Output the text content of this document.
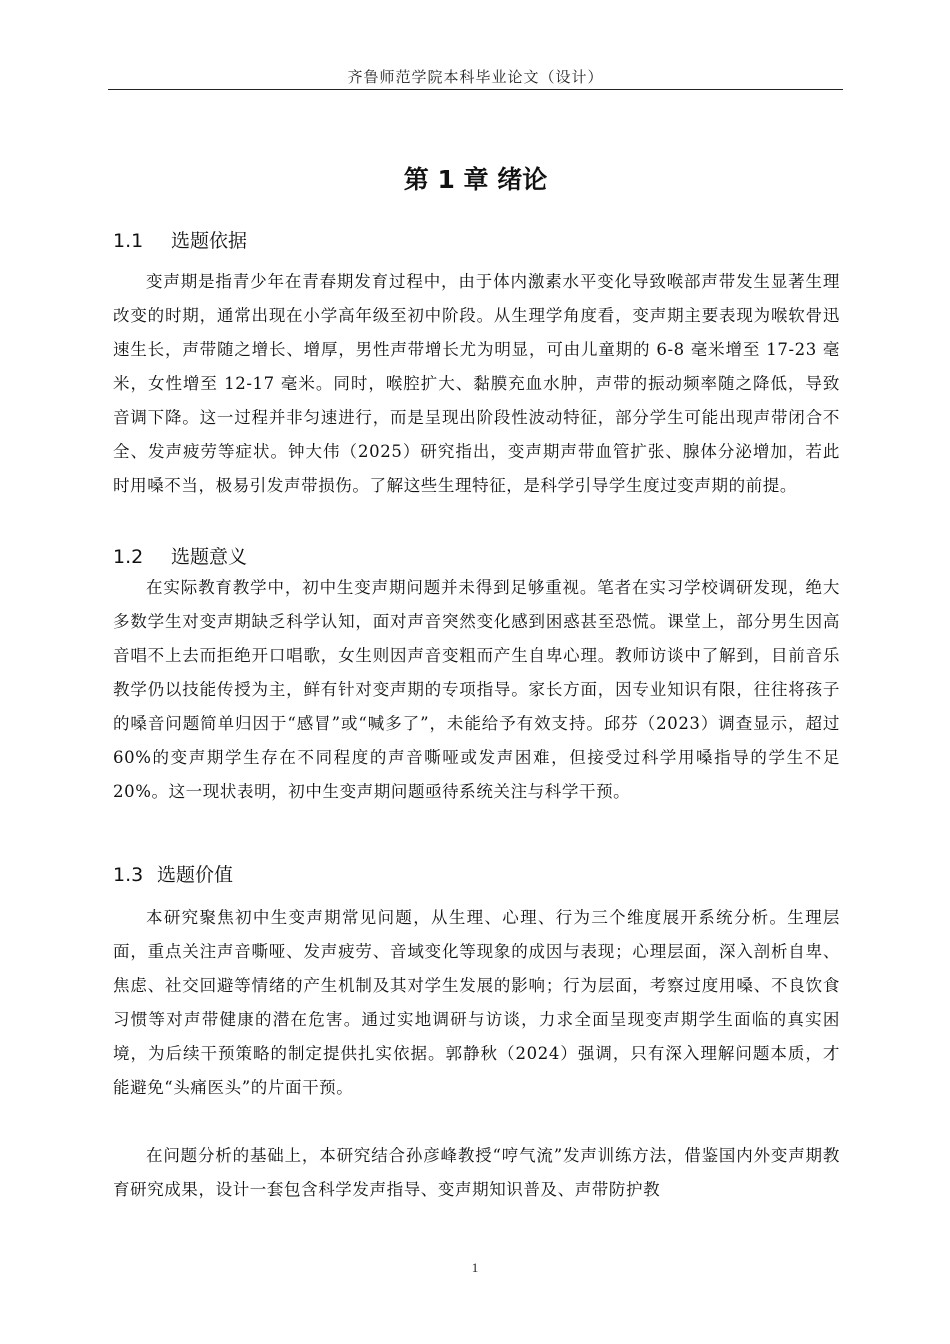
齐鲁师范学院本科毕业论文（设计）
第 1 章 绪论
1.1 选题依据

变声期是指青少年在青春期发育过程中，由于体内激素水平变化导致喉部声带发生显著生理改变的时期，通常出现在小学高年级至初中阶段。从生理学角度看，变声期主要表现为喉软骨迅速生长，声带随之增长、增厚，男性声带增长尤为明显，可由儿童期的 6-8 毫米增至 17-23 毫米，女性增至 12-17 毫米。同时，喉腔扩大、黏膜充血水肿，声带的振动频率随之降低，导致音调下降。这一过程并非匀速进行，而是呈现出阶段性波动特征，部分学生可能出现声带闭合不全、发声疲劳等症状。钟大伟（2025）研究指出，变声期声带血管扩张、腺体分泌增加，若此时用嗓不当，极易引发声带损伤。了解这些生理特征，是科学引导学生度过变声期的前提。

1.2 选题意义

在实际教育教学中，初中生变声期问题并未得到足够重视。笔者在实习学校调研发现，绝大多数学生对变声期缺乏科学认知，面对声音突然变化感到困惑甚至恐慌。课堂上，部分男生因高音唱不上去而拒绝开口唱歌，女生则因声音变粗而产生自卑心理。教师访谈中了解到，目前音乐教学仍以技能传授为主，鲜有针对变声期的专项指导。家长方面，因专业知识有限，往往将孩子的嗓音问题简单归因于“感冒”或“喊多了”，未能给予有效支持。邱芬（2023）调查显示，超过 60%的变声期学生存在不同程度的声音嘶哑或发声困难，但接受过科学用嗓指导的学生不足 20%。这一现状表明，初中生变声期问题亟待系统关注与科学干预。

1.3 选题价值

本研究聚焦初中生变声期常见问题，从生理、心理、行为三个维度展开系统分析。生理层面，重点关注声音嘶哑、发声疲劳、音域变化等现象的成因与表现；心理层面，深入剖析自卑、焦虑、社交回避等情绪的产生机制及其对学生发展的影响；行为层面，考察过度用嗓、不良饮食习惯等对声带健康的潜在危害。通过实地调研与访谈，力求全面呈现变声期学生面临的真实困境，为后续干预策略的制定提供扎实依据。郭静秋（2024）强调，只有深入理解问题本质，才能避免“头痛医头”的片面干预。

在问题分析的基础上，本研究结合孙彦峰教授“哼气流”发声训练方法，借鉴国内外变声期教育研究成果，设计一套包含科学发声指导、变声期知识普及、声带防护教

1
